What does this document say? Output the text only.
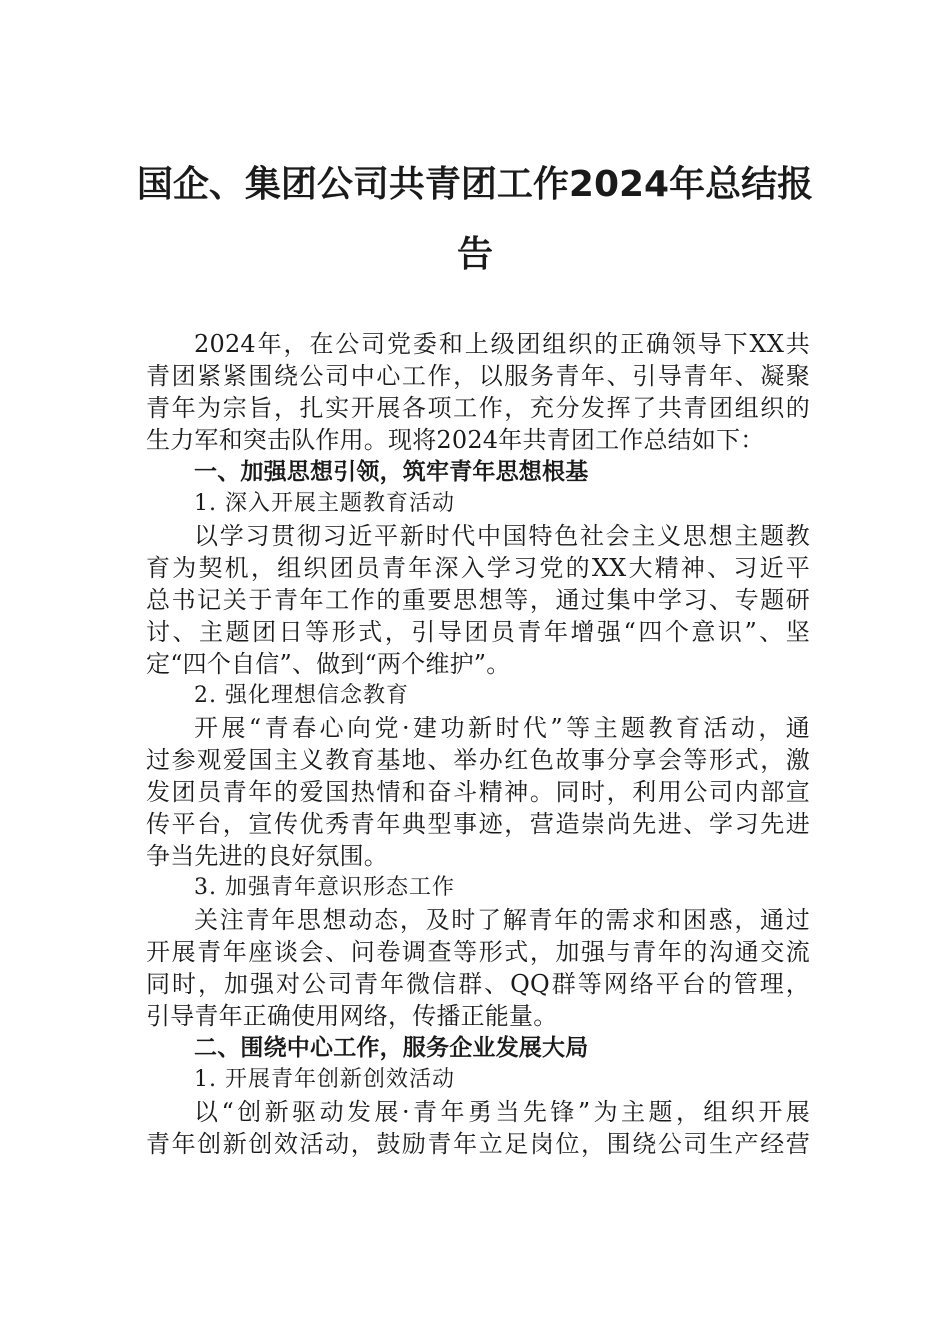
国企、集团公司共青团工作2024年总结报
告
2024年，在公司党委和上级团组织的正确领导下XX共
青团紧紧围绕公司中心工作，以服务青年、引导青年、凝聚
青年为宗旨，扎实开展各项工作，充分发挥了共青团组织的
生力军和突击队作用。现将2024年共青团工作总结如下：
一、加强思想引领，筑牢青年思想根基
1. 深入开展主题教育活动
以学习贯彻习近平新时代中国特色社会主义思想主题教
育为契机，组织团员青年深入学习党的XX大精神、习近平
总书记关于青年工作的重要思想等，通过集中学习、专题研
讨、主题团日等形式，引导团员青年增强“四个意识”、坚
定“四个自信”、做到“两个维护”。
2. 强化理想信念教育
开展“青春心向党·建功新时代”等主题教育活动，通
过参观爱国主义教育基地、举办红色故事分享会等形式，激
发团员青年的爱国热情和奋斗精神。同时，利用公司内部宣
传平台，宣传优秀青年典型事迹，营造崇尚先进、学习先进
争当先进的良好氛围。
3. 加强青年意识形态工作
关注青年思想动态，及时了解青年的需求和困惑，通过
开展青年座谈会、问卷调查等形式，加强与青年的沟通交流
同时，加强对公司青年微信群、QQ群等网络平台的管理，
引导青年正确使用网络，传播正能量。
二、围绕中心工作，服务企业发展大局
1. 开展青年创新创效活动
以“创新驱动发展·青年勇当先锋”为主题，组织开展
青年创新创效活动，鼓励青年立足岗位，围绕公司生产经营
